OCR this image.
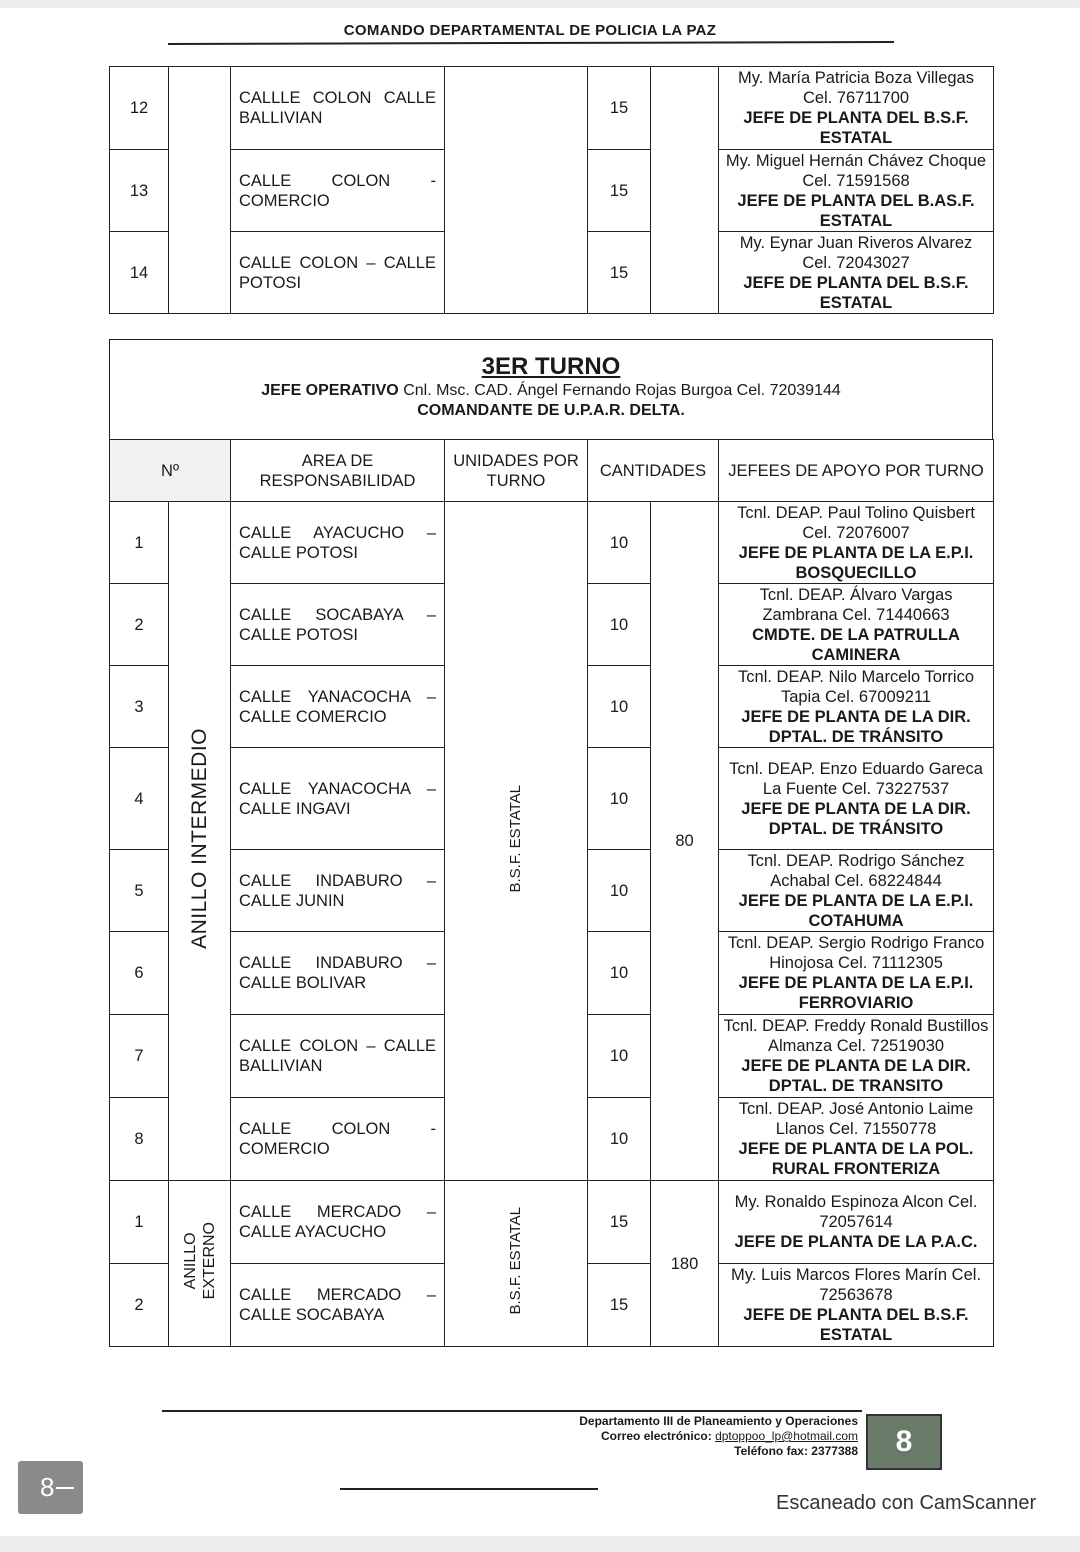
COMANDO DEPARTAMENTAL DE POLICIA LA PAZ
12		CALLLE COLON CALLE BALLIVIAN		15		My. María Patricia Boza Villegas Cel. 76711700
JEFE DE PLANTA DEL B.S.F. ESTATAL

13		CALLE COLON - COMERCIO		15		My. Miguel Hernán Chávez Choque Cel. 71591568
JEFE DE PLANTA DEL B.AS.F. ESTATAL

14		CALLE COLON – CALLE POTOSI		15		My. Eynar Juan Riveros Alvarez Cel. 72043027
JEFE DE PLANTA DEL B.S.F. ESTATAL
3ER TURNO
JEFE OPERATIVO Cnl. Msc. CAD. Ángel Fernando Rojas Burgoa Cel. 72039144
COMANDANTE DE U.P.A.R. DELTA.
Nº		AREA DE RESPONSABILIDAD	UNIDADES POR TURNO	CANTIDADES		JEFEES DE APOYO POR TURNO
1	ANILLO INTERMEDIO	CALLE AYACUCHO – CALLE POTOSI	B.S.F. ESTATAL	10	80	Tcnl. DEAP. Paul Tolino Quisbert Cel. 72076007
JEFE DE PLANTA DE LA E.P.I. BOSQUECILLO

2		CALLE SOCABAYA – CALLE POTOSI		10		Tcnl. DEAP. Álvaro Vargas Zambrana Cel. 71440663
CMDTE. DE LA PATRULLA CAMINERA

3		CALLE YANACOCHA – CALLE COMERCIO		10		Tcnl. DEAP. Nilo Marcelo Torrico Tapia Cel. 67009211
JEFE DE PLANTA DE LA DIR. DPTAL. DE TRÁNSITO

4		CALLE YANACOCHA – CALLE INGAVI		10		Tcnl. DEAP. Enzo Eduardo Gareca La Fuente Cel. 73227537
JEFE DE PLANTA DE LA DIR. DPTAL. DE TRÁNSITO

5		CALLE INDABURO – CALLE JUNIN		10		Tcnl. DEAP. Rodrigo Sánchez Achabal Cel. 68224844
JEFE DE PLANTA DE LA E.P.I. COTAHUMA

6		CALLE INDABURO – CALLE BOLIVAR		10		Tcnl. DEAP. Sergio Rodrigo Franco Hinojosa Cel. 71112305
JEFE DE PLANTA DE LA E.P.I. FERROVIARIO

7		CALLE COLON – CALLE BALLIVIAN		10		Tcnl. DEAP. Freddy Ronald Bustillos Almanza Cel. 72519030
JEFE DE PLANTA DE LA DIR. DPTAL. DE TRANSITO

8		CALLE COLON - COMERCIO		10		Tcnl. DEAP. José Antonio Laime Llanos Cel. 71550778
JEFE DE PLANTA DE LA POL. RURAL FRONTERIZA

1	ANILLO EXTERNO	CALLE MERCADO – CALLE AYACUCHO	B.S.F. ESTATAL	15	180	My. Ronaldo Espinoza Alcon Cel. 72057614
JEFE DE PLANTA DE LA P.A.C.

2		CALLE MERCADO – CALLE SOCABAYA		15		My. Luis Marcos Flores Marín Cel. 72563678
JEFE DE PLANTA DEL B.S.F. ESTATAL
Departamento III de Planeamiento y Operaciones
Correo electrónico: dptoppoo_lp@hotmail.com
Teléfono fax: 2377388 8
8
Escaneado con CamScanner
